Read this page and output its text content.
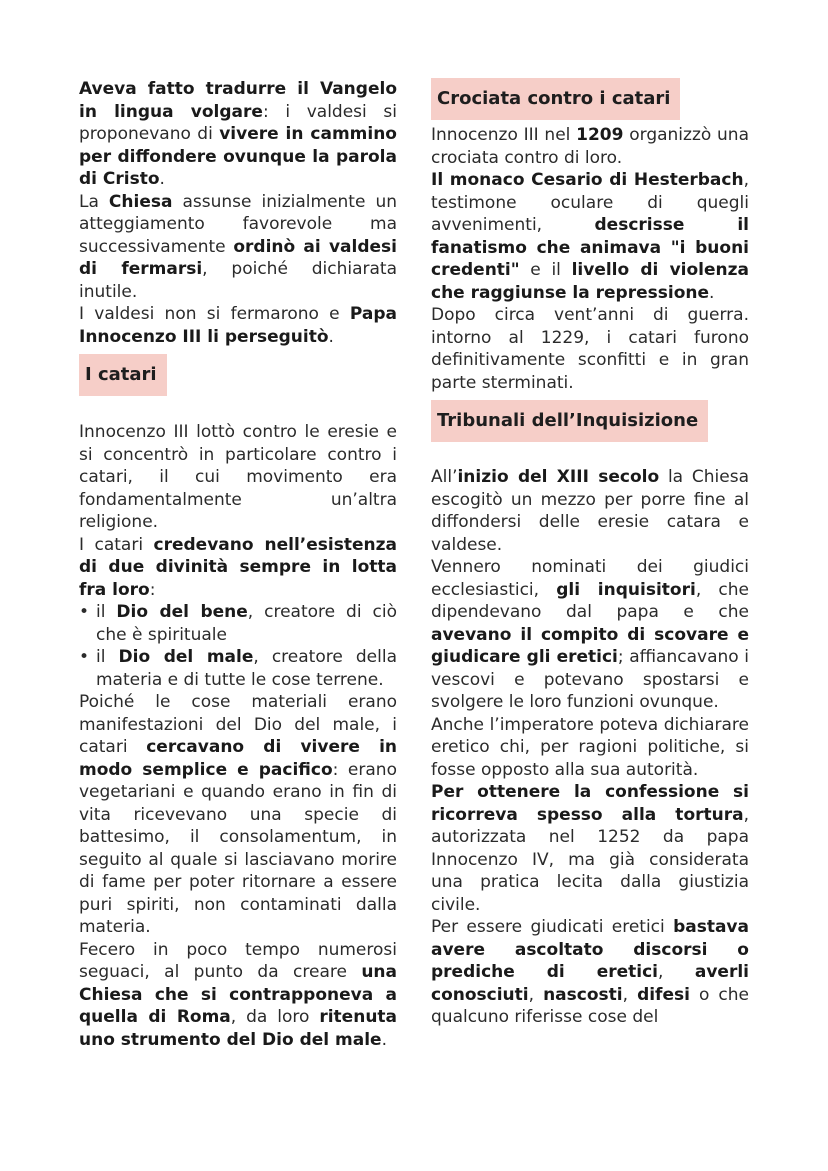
Aveva fatto tradurre il Vangelo in lingua volgare: i valdesi si proponevano di vivere in cammino per diffondere ovunque la parola di Cristo.

La Chiesa assunse inizialmente un atteggiamento favorevole ma successivamente ordinò ai valdesi di fermarsi, poiché dichiarata inutile.

I valdesi non si fermarono e Papa Innocenzo III li perseguitò.

I catari

Innocenzo III lottò contro le eresie e si concentrò in particolare contro i catari, il cui movimento era fondamentalmente un’altra religione.

I catari credevano nell’esistenza di due divinità sempre in lotta fra loro:

• il Dio del bene, creatore di ciò che è spirituale
• il Dio del male, creatore della materia e di tutte le cose terrene.

Poiché le cose materiali erano manifestazioni del Dio del male, i catari cercavano di vivere in modo semplice e pacifico: erano vegetariani e quando erano in fin di vita ricevevano una specie di battesimo, il consolamentum, in seguito al quale si lasciavano morire di fame per poter ritornare a essere puri spiriti, non contaminati dalla materia.

Fecero in poco tempo numerosi seguaci, al punto da creare una Chiesa che si contrapponeva a quella di Roma, da loro ritenuta uno strumento del Dio del male.

Crociata contro i catari

Innocenzo III nel 1209 organizzò una crociata contro di loro.

Il monaco Cesario di Hesterbach, testimone oculare di quegli avvenimenti, descrisse il fanatismo che animava "i buoni credenti" e il livello di violenza che raggiunse la repressione.

Dopo circa vent’anni di guerra. intorno al 1229, i catari furono definitivamente sconfitti e in gran parte sterminati.

Tribunali dell’Inquisizione

All’inizio del XIII secolo la Chiesa escogitò un mezzo per porre fine al diffondersi delle eresie catara e valdese.

Vennero nominati dei giudici ecclesiastici, gli inquisitori, che dipendevano dal papa e che avevano il compito di scovare e giudicare gli eretici; affiancavano i vescovi e potevano spostarsi e svolgere le loro funzioni ovunque.

Anche l’imperatore poteva dichiarare eretico chi, per ragioni politiche, si fosse opposto alla sua autorità.

Per ottenere la confessione si ricorreva spesso alla tortura, autorizzata nel 1252 da papa Innocenzo IV, ma già considerata una pratica lecita dalla giustizia civile.

Per essere giudicati eretici bastava avere ascoltato discorsi o prediche di eretici, averli conosciuti, nascosti, difesi o che qualcuno riferisse cose del
